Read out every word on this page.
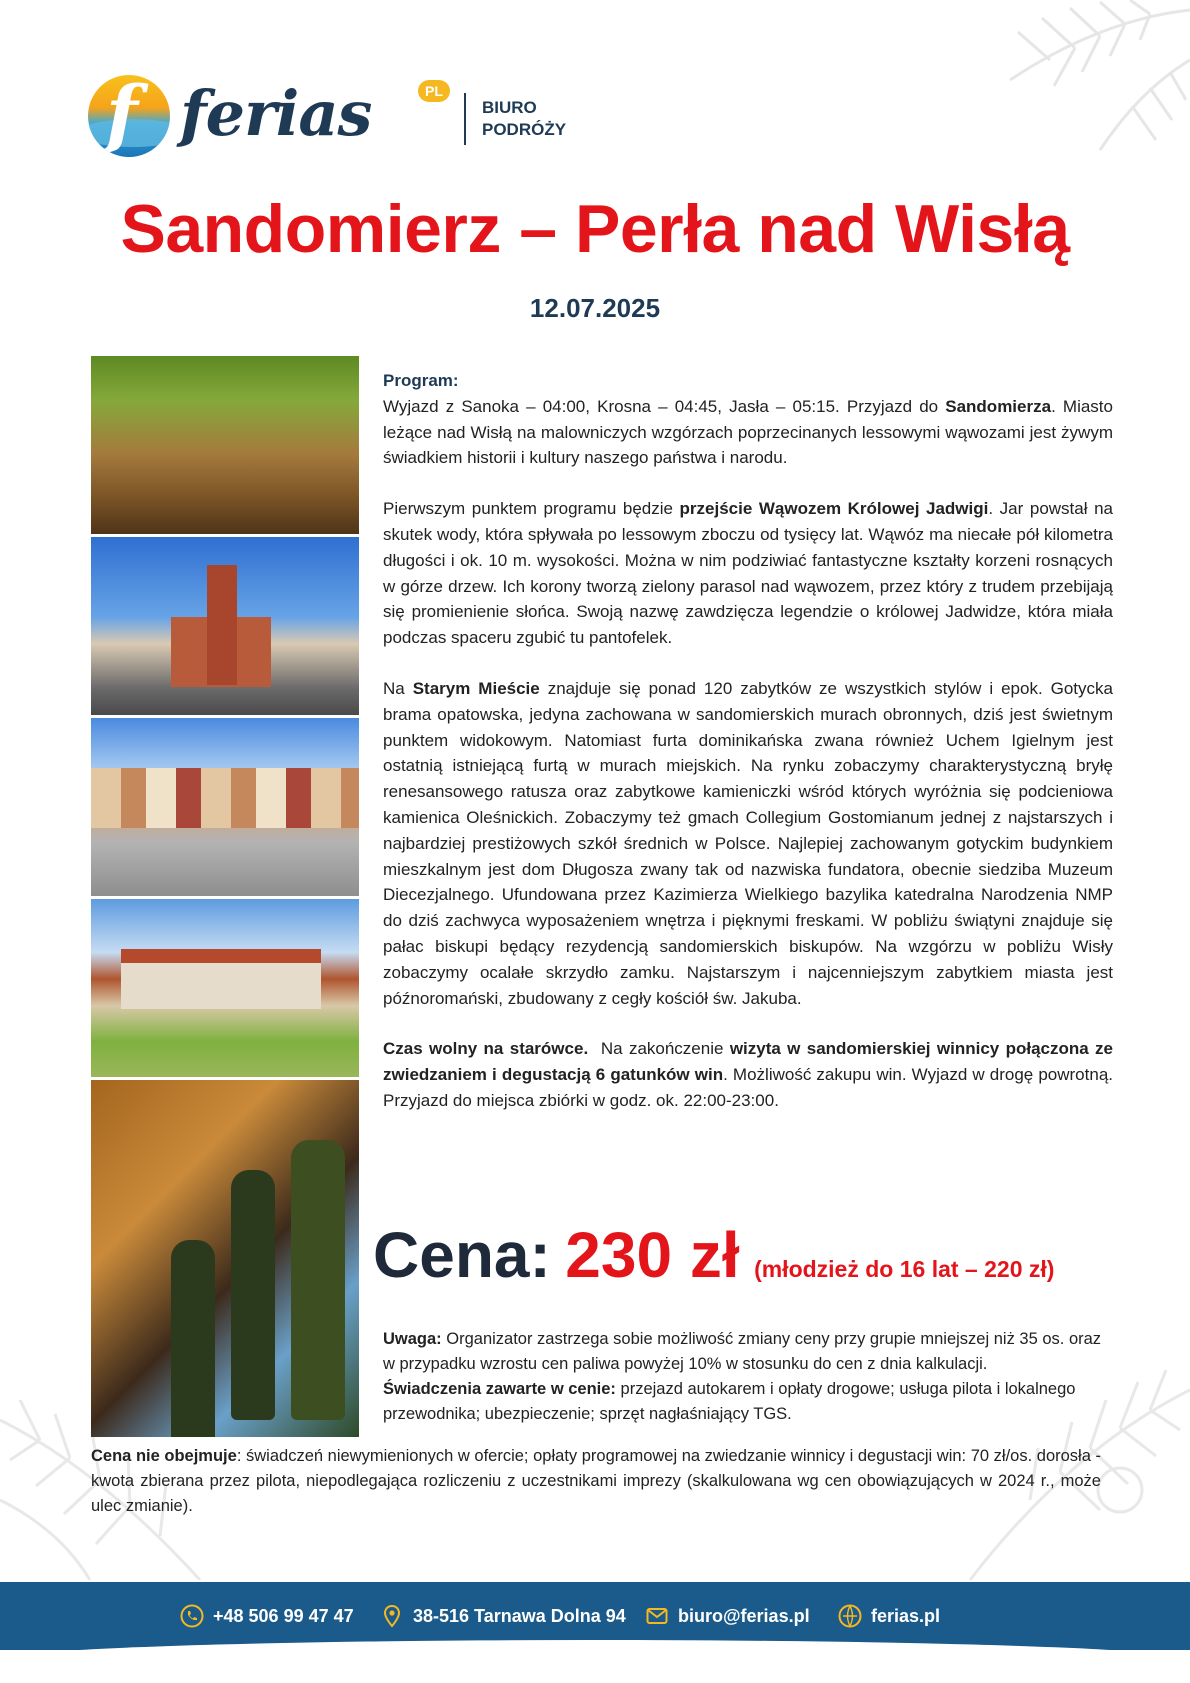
f ferias	PL
BIURO
PODRÓŻY
Sandomierz – Perła nad Wisłą
12.07.2025

Program:
Wyjazd z Sanoka – 04:00, Krosna – 04:45, Jasła – 05:15. Przyjazd do Sandomierza. Miasto leżące nad Wisłą na malowniczych wzgórzach poprzecinanych lessowymi wąwozami jest żywym świadkiem historii i kultury naszego państwa i narodu.

Pierwszym punktem programu będzie przejście Wąwozem Królowej Jadwigi. Jar powstał na skutek wody, która spływała po lessowym zboczu od tysięcy lat. Wąwóz ma niecałe pół kilometra długości i ok. 10 m. wysokości. Można w nim podziwiać fantastyczne kształty korzeni rosnących w górze drzew. Ich korony tworzą zielony parasol nad wąwozem, przez który z trudem przebijają się promienienie słońca. Swoją nazwę zawdzięcza legendzie o królowej Jadwidze, która miała podczas spaceru zgubić tu pantofelek.

Na Starym Mieście znajduje się ponad 120 zabytków ze wszystkich stylów i epok. Gotycka brama opatowska, jedyna zachowana w sandomierskich murach obronnych, dziś jest świetnym punktem widokowym. Natomiast furta dominikańska zwana również Uchem Igielnym jest ostatnią istniejącą furtą w murach miejskich. Na rynku zobaczymy charakterystyczną bryłę renesansowego ratusza oraz zabytkowe kamieniczki wśród których wyróżnia się podcieniowa kamienica Oleśnickich. Zobaczymy też gmach Collegium Gostomianum jednej z najstarszych i najbardziej prestiżowych szkół średnich w Polsce. Najlepiej zachowanym gotyckim budynkiem mieszkalnym jest dom Długosza zwany tak od nazwiska fundatora, obecnie siedziba Muzeum Diecezjalnego. Ufundowana przez Kazimierza Wielkiego bazylika katedralna Narodzenia NMP do dziś zachwyca wyposażeniem wnętrza i pięknymi freskami. W pobliżu świątyni znajduje się pałac biskupi będący rezydencją sandomierskich biskupów. Na wzgórzu w pobliżu Wisły zobaczymy ocalałe skrzydło zamku. Najstarszym i najcenniejszym zabytkiem miasta jest późnoromański, zbudowany z cegły kościół św. Jakuba.

Czas wolny na starówce.  Na zakończenie wizyta w sandomierskiej winnicy połączona ze zwiedzaniem i degustacją 6 gatunków win. Możliwość zakupu win. Wyjazd w drogę powrotną. Przyjazd do miejsca zbiórki w godz. ok. 22:00-23:00.

Cena: 230 zł (młodzież do 16 lat – 220 zł)
Uwaga: Organizator zastrzega sobie możliwość zmiany ceny przy grupie mniejszej niż 35 os. oraz w przypadku wzrostu cen paliwa powyżej 10% w stosunku do cen z dnia kalkulacji.
Świadczenia zawarte w cenie: przejazd autokarem i opłaty drogowe; usługa pilota i lokalnego przewodnika; ubezpieczenie; sprzęt nagłaśniający TGS.
Cena nie obejmuje: świadczeń niewymienionych w ofercie; opłaty programowej na zwiedzanie winnicy i degustacji win: 70 zł/os. dorosła - kwota zbierana przez pilota, niepodlegająca rozliczeniu z uczestnikami imprezy (skalkulowana wg cen obowiązujących w 2024 r., może ulec zmianie).
+48 506 99 47 47	38-516 Tarnawa Dolna 94	biuro@ferias.pl	ferias.pl
